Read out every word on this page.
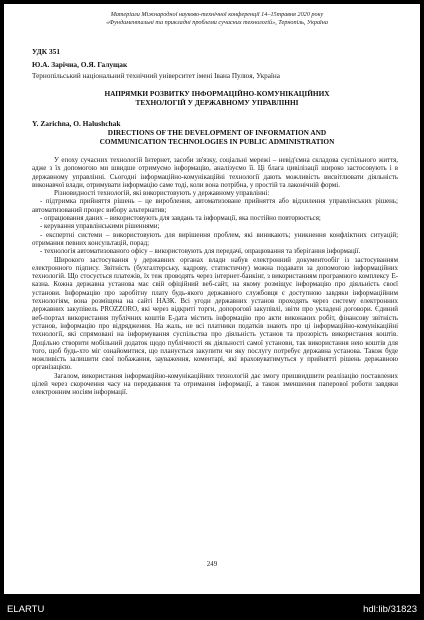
Матеріали Міжнародної науково-технічної конференції 14–15травня 2020 року
«Фундаментальні та прикладні проблеми сучасних технологій», Тернопіль, Україна
УДК 351
Ю.А. Зарічна, О.Я. Галущак
Тернопільський національний технічний університет імені Івана Пулюя, Україна
НАПРЯМКИ РОЗВИТКУ ІНФОРМАЦІЙНО-КОМУНІКАЦІЙНИХ
ТЕХНОЛОГІЙ У ДЕРЖАВНОМУ УПРАВЛІННІ
Y. Zarichna, O. Halushchak
DIRECTIONS OF THE DEVELOPMENT OF INFORMATION AND
COMMUNICATION TECHNOLOGIES IN PUBLIC ADMINISTRATION

У епоху сучасних технологій Інтернет, засоби зв'язку, соціальні мережі – невід'ємна складова суспільного життя, адже з їх допомогою ми швидше отримуємо інформацію, аналізуємо її. Ці блага цивілізації широко застосовують і в державному управлінні. Сьогодні інформаційно-комунікаційні технології дають можливість висвітлювати діяльність виконавчої влади, отримувати інформацію саме тоді, коли вона потрібна, у простій та лаконічній формі.

Різновидності технологій, які використовують у державному управлінні:

- підтримка прийняття рішень – це вироблення, автоматизоване прийняття або відхилення управлінських рішень; автоматизований процес вибору альтернатив;

- опрацювання даних – використовують для завдань та інформації, яка постійно повторюється;

- керування управлінськими рішеннями;

- експертні системи – використовують для вирішення проблем, які виникають; уникнення конфліктних ситуацій; отримання певних консультацій, порад;

- технологія автоматизованого офісу – використовують для передачі, опрацювання та зберігання інформації.

Широкого застосування у державних органах влади набув електронний документообіг із застосуванням електронного підпису. Звітність (бухгалтерську, кадрову, статистичну) можна подавати за допомогою інформаційних технологій. Що стосується платежів, їх теж проводять через інтернет-банкінг, з використанням програмного комплексу Е-казна. Кожна державна установа має свій офіційний веб-сайт, на якому розміщує інформацію про діяльність своєї установи. Інформацію про заробітну плату будь-якого державного службовця є доступною завдяки інформаційним технологіям, вона розміщена на сайті НАЗК. Всі угоди державних установ проходять через систему електронних державних закупівель PROZZORO, які через відкриті торги, допороговї закупівлі, звіти про укладені договори. Єдиний веб-портал використання публічних коштів Е-дата містить інформацію про акти виконаних робіт, фінансову звітність установ, інформацію про відрядження. На жаль, не всі платники податків знають про ці інформаційно-комунікаційні технології, які спрямовані на інформування суспільства про діяльність установ та прозорість використання коштів. Доцільно створити мобільний додаток щодо публічності як діяльності самої установи, так використання нею коштів для того, щоб будь-хто міг ознайомитися, що планується закупити чи яку послугу потребує державна установа. Також буде можливість залишити свої побажання, зауваження, коментарі, які враховуватимуться у прийнятті рішень державною організацією.

Загалом, використання інформаційно-комунікаційних технологій дає змогу пришвидшити реалізацію поставлених цілей через скорочення часу на передавання та отримання інформації, а також зменшення паперової роботи завдяки електронним носіям інформації.

249
ELARTU	hdl:lib/31823
